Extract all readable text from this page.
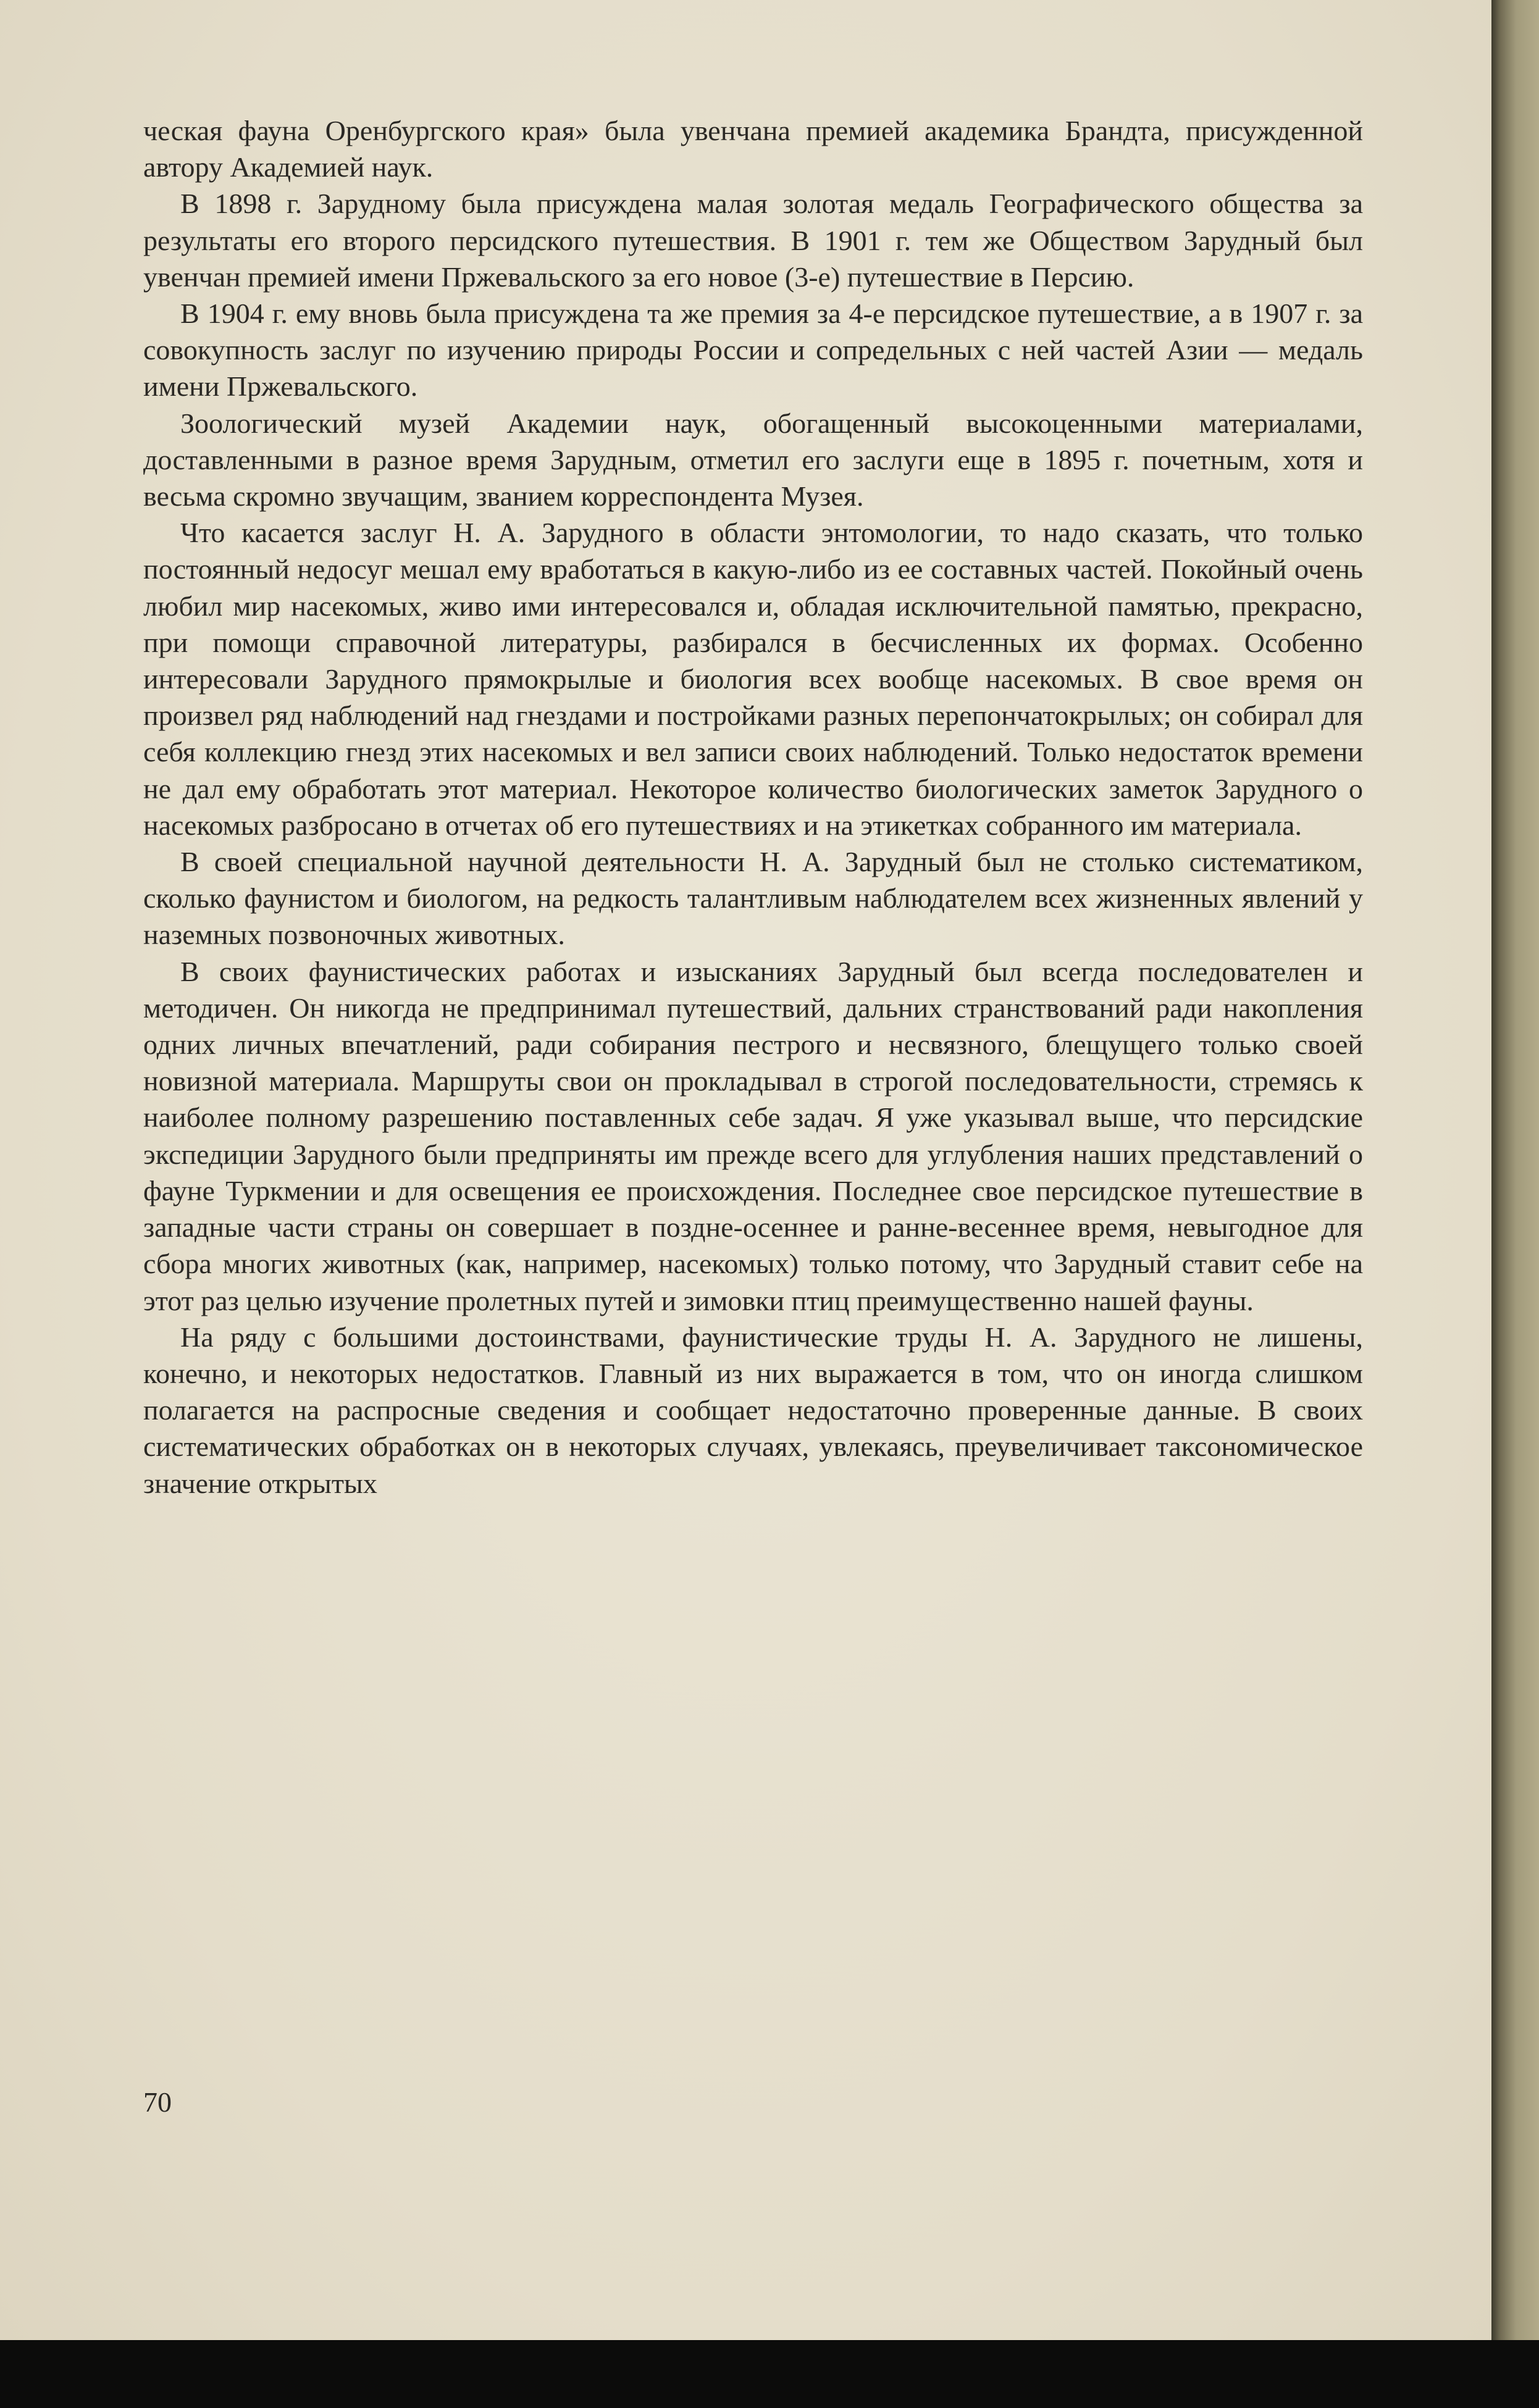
ческая фауна Оренбургского края» была увенчана премией академика Брандта, присужденной автору Академией наук.

В 1898 г. Зарудному была присуждена малая золотая медаль Географического общества за результаты его второго персидского путешествия. В 1901 г. тем же Обществом Зарудный был увенчан премией имени Пржевальского за его новое (3-е) путешествие в Персию.

В 1904 г. ему вновь была присуждена та же премия за 4-е персидское путешествие, а в 1907 г. за совокупность заслуг по изучению природы России и сопредельных с ней частей Азии — медаль имени Пржевальского.

Зоологический музей Академии наук, обогащенный высокоценными материалами, доставленными в разное время Зарудным, отметил его заслуги еще в 1895 г. почетным, хотя и весьма скромно звучащим, званием корреспондента Музея.

Что касается заслуг Н. А. Зарудного в области энтомологии, то надо сказать, что только постоянный недосуг мешал ему вработаться в какую-либо из ее составных частей. Покойный очень любил мир насекомых, живо ими интересовался и, обладая исключительной памятью, прекрасно, при помощи справочной литературы, разбирался в бесчисленных их формах. Особенно интересовали Зарудного прямокрылые и биология всех вообще насекомых. В свое время он произвел ряд наблюдений над гнездами и постройками разных перепончатокрылых; он собирал для себя коллекцию гнезд этих насекомых и вел записи своих наблюдений. Только недостаток времени не дал ему обработать этот материал. Некоторое количество биологических заметок Зарудного о насекомых разбросано в отчетах об его путешествиях и на этикетках собранного им материала.

В своей специальной научной деятельности Н. А. Зарудный был не столько систематиком, сколько фаунистом и биологом, на редкость талантливым наблюдателем всех жизненных явлений у наземных позвоночных животных.

В своих фаунистических работах и изысканиях Зарудный был всегда последователен и методичен. Он никогда не предпринимал путешествий, дальних странствований ради накопления одних личных впечатлений, ради собирания пестрого и несвязного, блещущего только своей новизной материала. Маршруты свои он прокладывал в строгой последовательности, стремясь к наиболее полному разрешению поставленных себе задач. Я уже указывал выше, что персидские экспедиции Зарудного были предприняты им прежде всего для углубления наших представлений о фауне Туркмении и для освещения ее происхождения. Последнее свое персидское путешествие в западные части страны он совершает в поздне-осеннее и ранне-весеннее время, невыгодное для сбора многих животных (как, например, насекомых) только потому, что Зарудный ставит себе на этот раз целью изучение пролетных путей и зимовки птиц преимущественно нашей фауны.

На ряду с большими достоинствами, фаунистические труды Н. А. Зарудного не лишены, конечно, и некоторых недостатков. Главный из них выражается в том, что он иногда слишком полагается на распросные сведения и сообщает недостаточно проверенные данные. В своих систематических обработках он в некоторых случаях, увлекаясь, преувеличивает таксономическое значение открытых

70
